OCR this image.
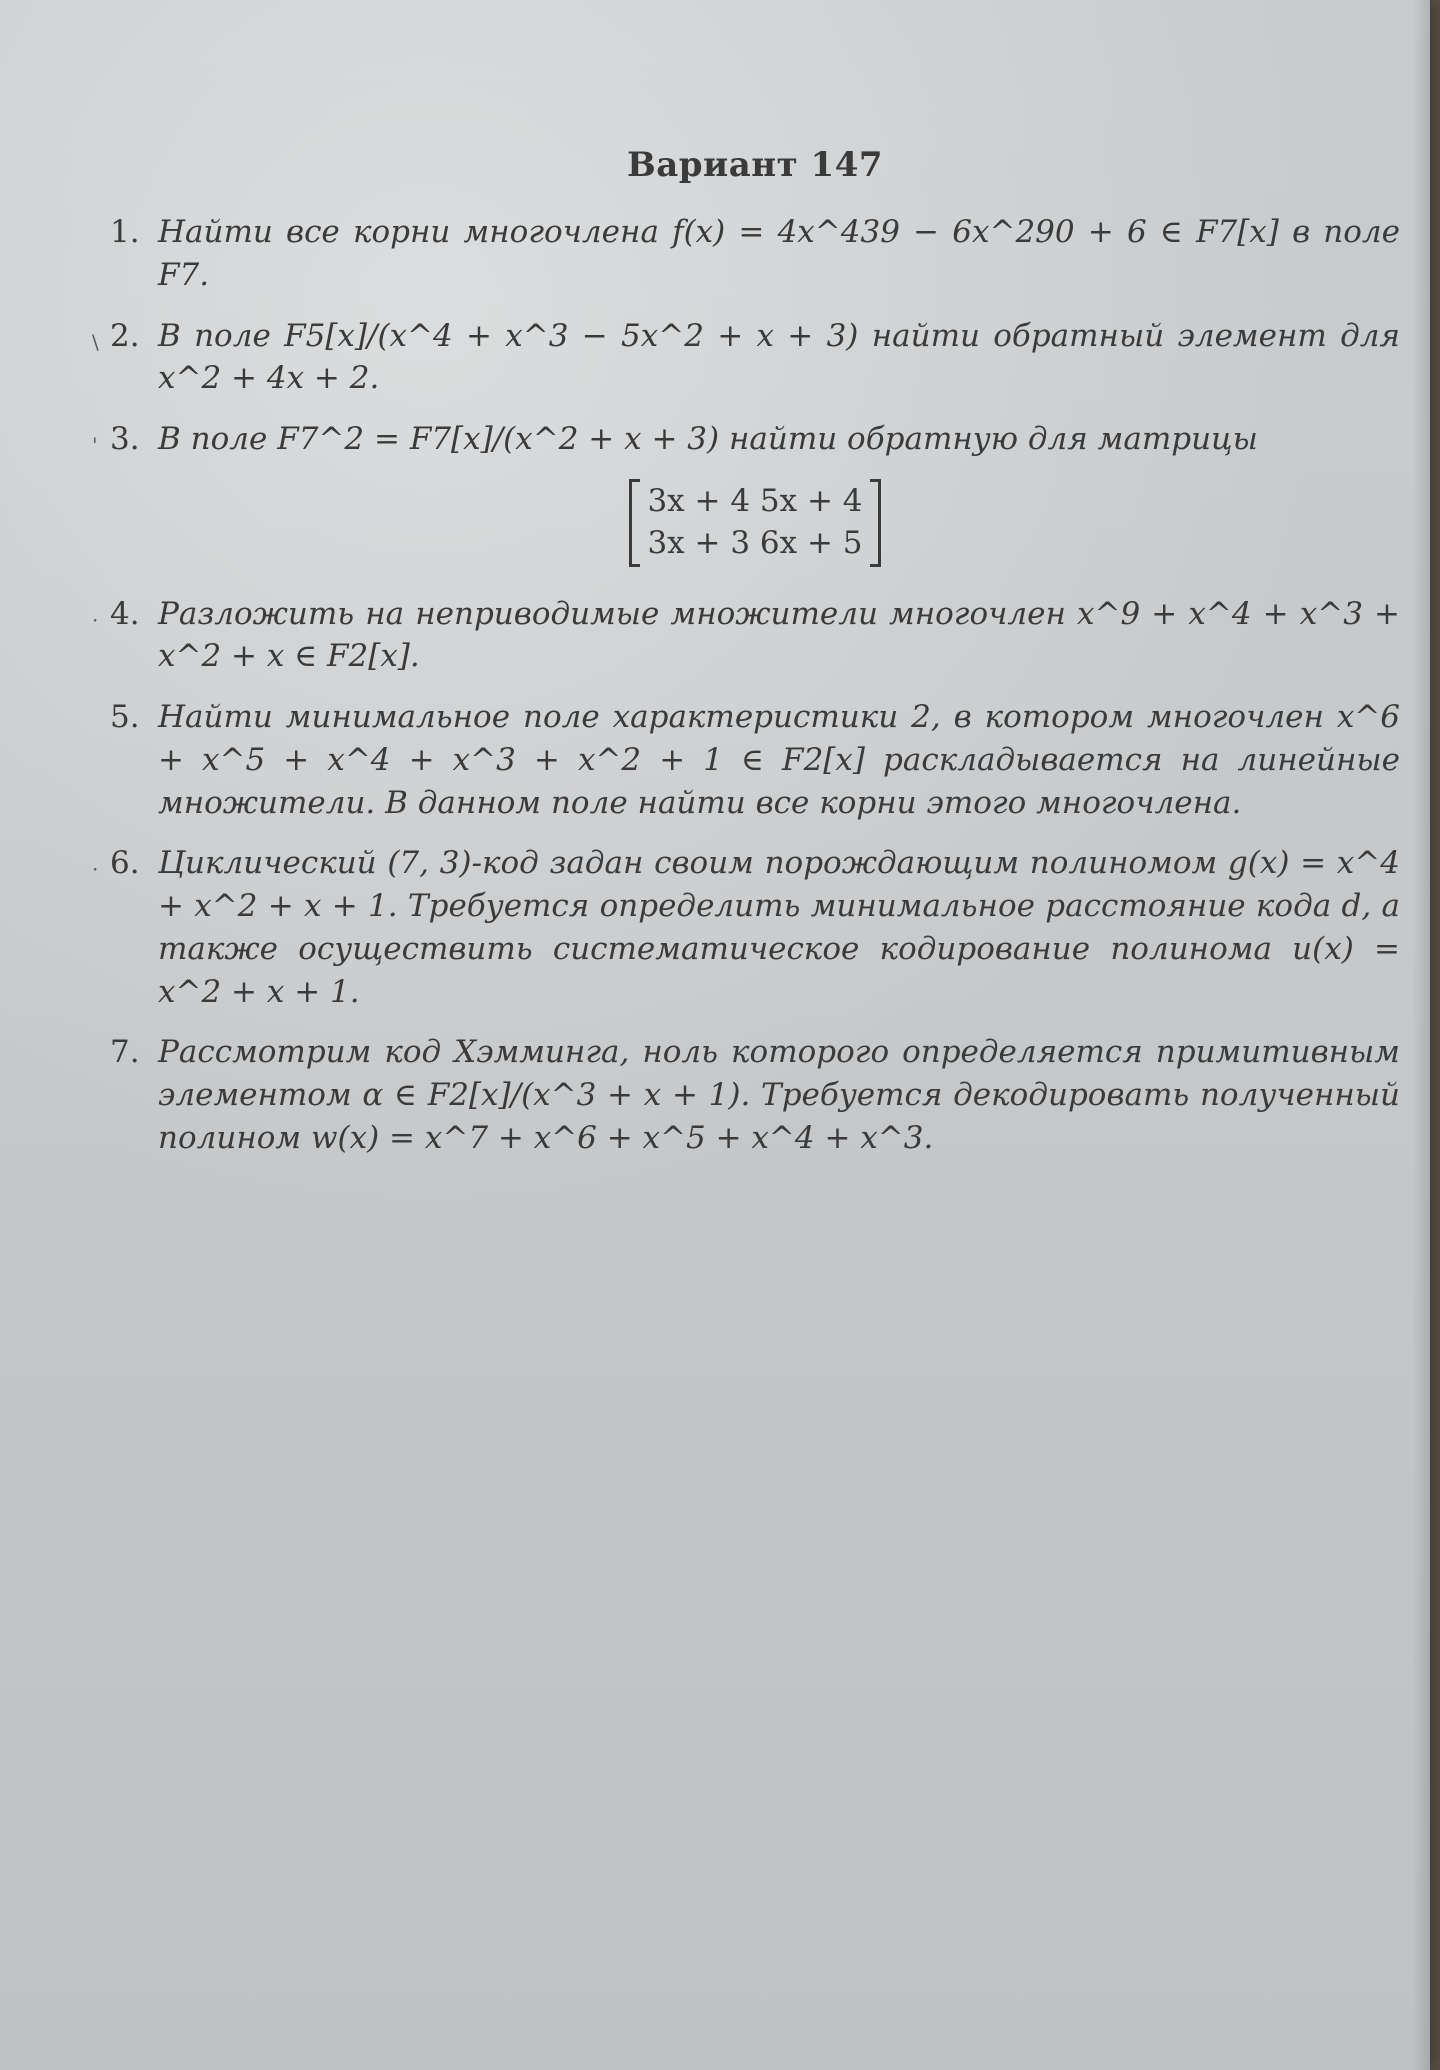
Вариант 147
1. Найти все корни многочлена f(x) = 4x^439 − 6x^290 + 6 ∈ F7[x] в поле F7.
\ 2. В поле F5[x]/(x^4 + x^3 − 5x^2 + x + 3) найти обратный элемент для x^2 + 4x + 2.
' 3. В поле F7^2 = F7[x]/(x^2 + x + 3) найти обратную для матрицы
3x + 4 5x + 4
3x + 3 6x + 5
· 4. Разложить на неприводимые множители многочлен x^9 + x^4 + x^3 + x^2 + x ∈ F2[x].
5. Найти минимальное поле характеристики 2, в котором многочлен x^6 + x^5 + x^4 + x^3 + x^2 + 1 ∈ F2[x] раскладывается на линейные множители. В данном поле найти все корни этого многочлена.
· 6. Циклический (7, 3)-код задан своим порождающим полиномом g(x) = x^4 + x^2 + x + 1. Требуется определить минимальное расстояние кода d, а также осуществить систематическое кодирование полинома u(x) = x^2 + x + 1.
7. Рассмотрим код Хэмминга, ноль которого определяется примитивным элементом α ∈ F2[x]/(x^3 + x + 1). Требуется декодировать полученный полином w(x) = x^7 + x^6 + x^5 + x^4 + x^3.
